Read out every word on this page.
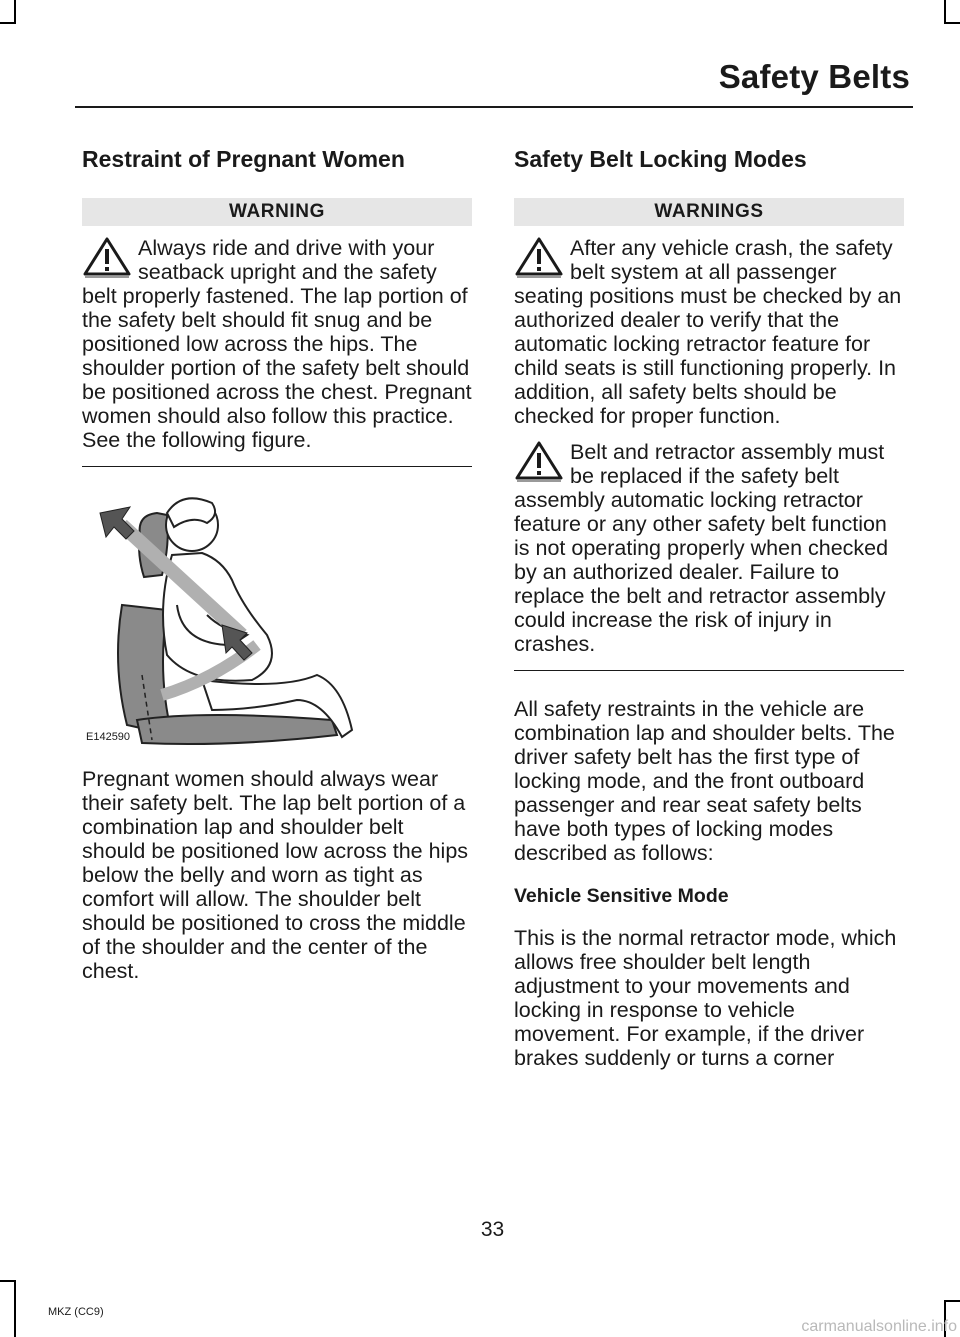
Safety Belts
Restraint of Pregnant Women
WARNING

Always ride and drive with your seatback upright and the safety belt properly fastened. The lap portion of the safety belt should fit snug and be positioned low across the hips. The shoulder portion of the safety belt should be positioned across the chest. Pregnant women should also follow this practice. See the following figure.

E142590

Pregnant women should always wear their safety belt. The lap belt portion of a combination lap and shoulder belt should be positioned low across the hips below the belly and worn as tight as comfort will allow. The shoulder belt should be positioned to cross the middle of the shoulder and the center of the chest.

Safety Belt Locking Modes
WARNINGS

After any vehicle crash, the safety belt system at all passenger seating positions must be checked by an authorized dealer to verify that the automatic locking retractor feature for child seats is still functioning properly. In addition, all safety belts should be checked for proper function.

Belt and retractor assembly must be replaced if the safety belt assembly automatic locking retractor feature or any other safety belt function is not operating properly when checked by an authorized dealer. Failure to replace the belt and retractor assembly could increase the risk of injury in crashes.

All safety restraints in the vehicle are combination lap and shoulder belts. The driver safety belt has the first type of locking mode, and the front outboard passenger and rear seat safety belts have both types of locking modes described as follows:

Vehicle Sensitive Mode

This is the normal retractor mode, which allows free shoulder belt length adjustment to your movements and locking in response to vehicle movement. For example, if the driver brakes suddenly or turns a corner

33
MKZ (CC9)
carmanualsonline.info
